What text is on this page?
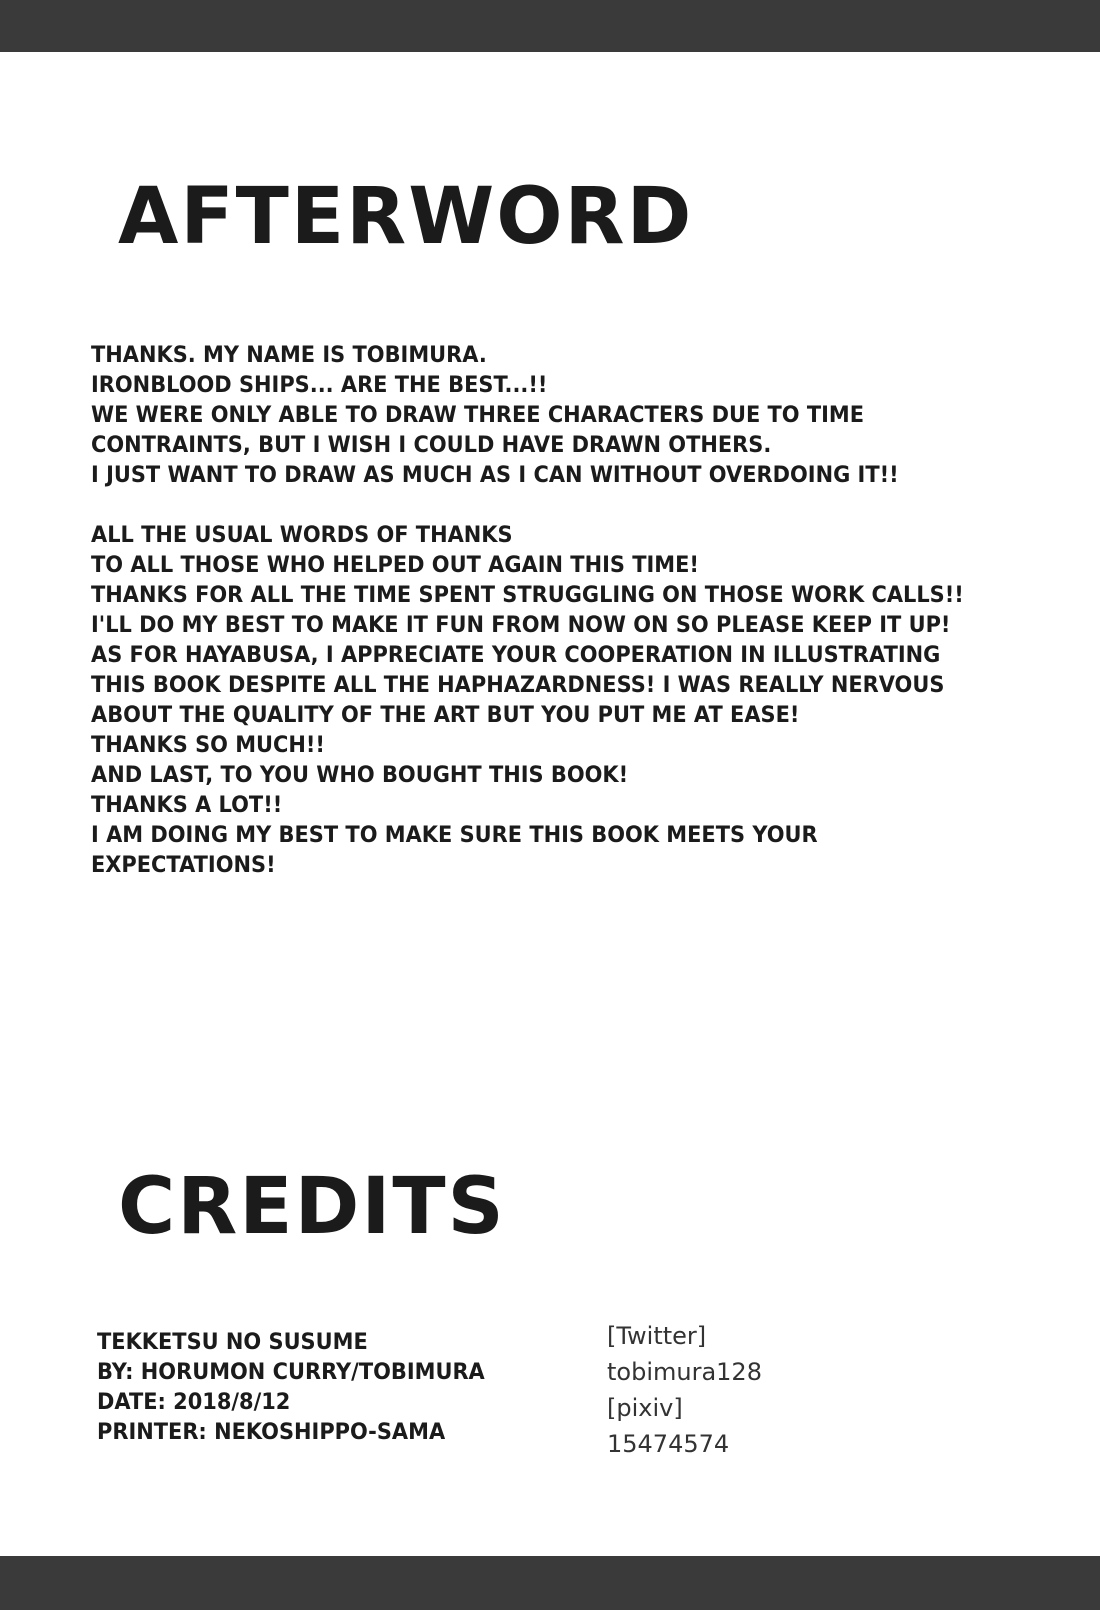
AFTERWORD
THANKS. MY NAME IS TOBIMURA.
IRONBLOOD SHIPS... ARE THE BEST...!!
WE WERE ONLY ABLE TO DRAW THREE CHARACTERS DUE TO TIME
CONTRAINTS, BUT I WISH I COULD HAVE DRAWN OTHERS.
I JUST WANT TO DRAW AS MUCH AS I CAN WITHOUT OVERDOING IT!!
ALL THE USUAL WORDS OF THANKS
TO ALL THOSE WHO HELPED OUT AGAIN THIS TIME!
THANKS FOR ALL THE TIME SPENT STRUGGLING ON THOSE WORK CALLS!!
I'LL DO MY BEST TO MAKE IT FUN FROM NOW ON SO PLEASE KEEP IT UP!
AS FOR HAYABUSA, I APPRECIATE YOUR COOPERATION IN ILLUSTRATING
THIS BOOK DESPITE ALL THE HAPHAZARDNESS! I WAS REALLY NERVOUS
ABOUT THE QUALITY OF THE ART BUT YOU PUT ME AT EASE!
THANKS SO MUCH!!
AND LAST, TO YOU WHO BOUGHT THIS BOOK!
THANKS A LOT!!
I AM DOING MY BEST TO MAKE SURE THIS BOOK MEETS YOUR
EXPECTATIONS!
CREDITS
TEKKETSU NO SUSUME
BY: HORUMON CURRY/TOBIMURA
DATE: 2018/8/12
PRINTER: NEKOSHIPPO-SAMA
[Twitter]
tobimura128
[pixiv]
15474574
